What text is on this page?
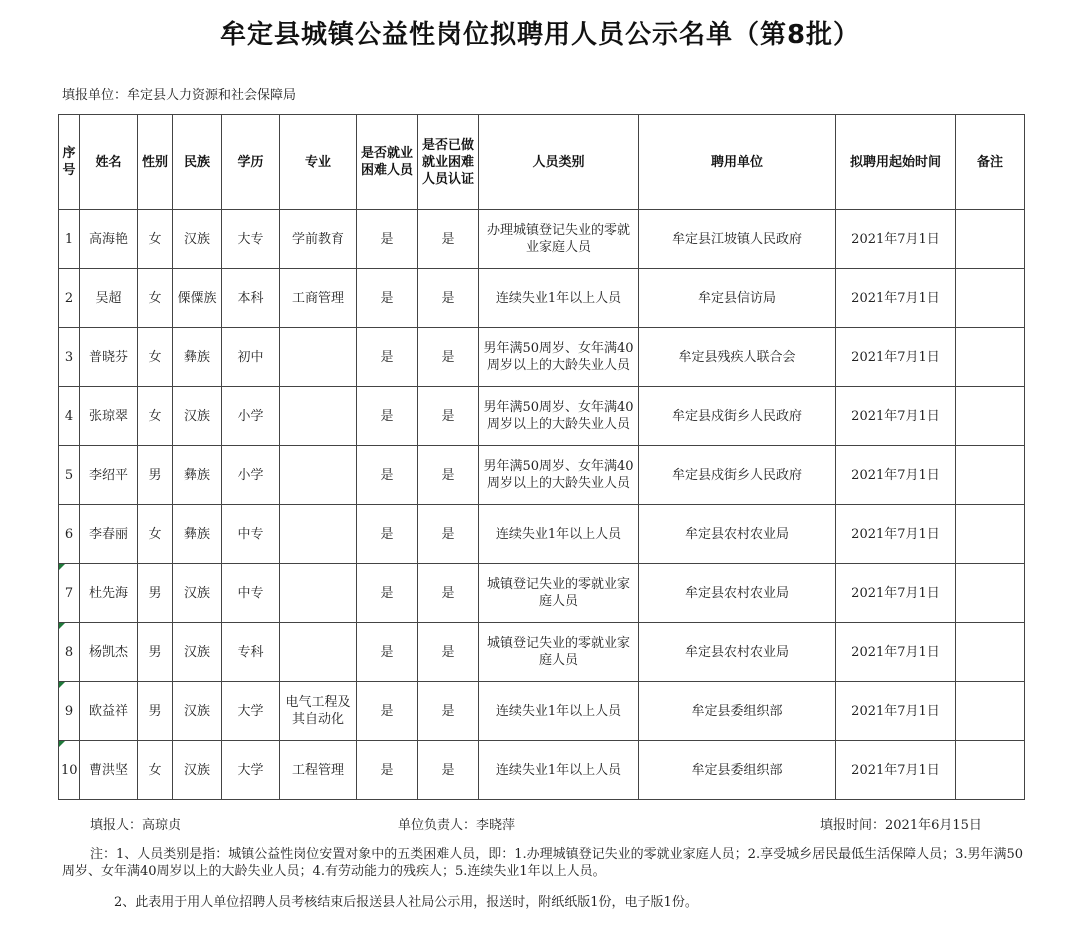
牟定县城镇公益性岗位拟聘用人员公示名单（第8批）
填报单位：牟定县人力资源和社会保障局
序号	姓名	性别	民族	学历	专业	是否就业困难人员	是否已做就业困难人员认证	人员类别	聘用单位	拟聘用起始时间	备注
1	高海艳	女	汉族	大专	学前教育	是	是	办理城镇登记失业的零就业家庭人员	牟定县江坡镇人民政府	2021年7月1日	
2	吴超	女	傈僳族	本科	工商管理	是	是	连续失业1年以上人员	牟定县信访局	2021年7月1日	
3	普晓芬	女	彝族	初中		是	是	男年满50周岁、女年满40周岁以上的大龄失业人员	牟定县残疾人联合会	2021年7月1日	
4	张琼翠	女	汉族	小学		是	是	男年满50周岁、女年满40周岁以上的大龄失业人员	牟定县戍街乡人民政府	2021年7月1日	
5	李绍平	男	彝族	小学		是	是	男年满50周岁、女年满40周岁以上的大龄失业人员	牟定县戍街乡人民政府	2021年7月1日	
6	李春丽	女	彝族	中专		是	是	连续失业1年以上人员	牟定县农村农业局	2021年7月1日	
7	杜先海	男	汉族	中专		是	是	城镇登记失业的零就业家庭人员	牟定县农村农业局	2021年7月1日	
8	杨凯杰	男	汉族	专科		是	是	城镇登记失业的零就业家庭人员	牟定县农村农业局	2021年7月1日	
9	欧益祥	男	汉族	大学	电气工程及其自动化	是	是	连续失业1年以上人员	牟定县委组织部	2021年7月1日	
10	曹洪坚	女	汉族	大学	工程管理	是	是	连续失业1年以上人员	牟定县委组织部	2021年7月1日	
填报人：高琼贞	单位负责人：李晓萍	填报时间：2021年6月15日
注：1、人员类别是指：城镇公益性岗位安置对象中的五类困难人员，即：1.办理城镇登记失业的零就业家庭人员；2.享受城乡居民最低生活保障人员；3.男年满50周岁、女年满40周岁以上的大龄失业人员；4.有劳动能力的残疾人；5.连续失业1年以上人员。
2、此表用于用人单位招聘人员考核结束后报送县人社局公示用，报送时，附纸纸版1份，电子版1份。
